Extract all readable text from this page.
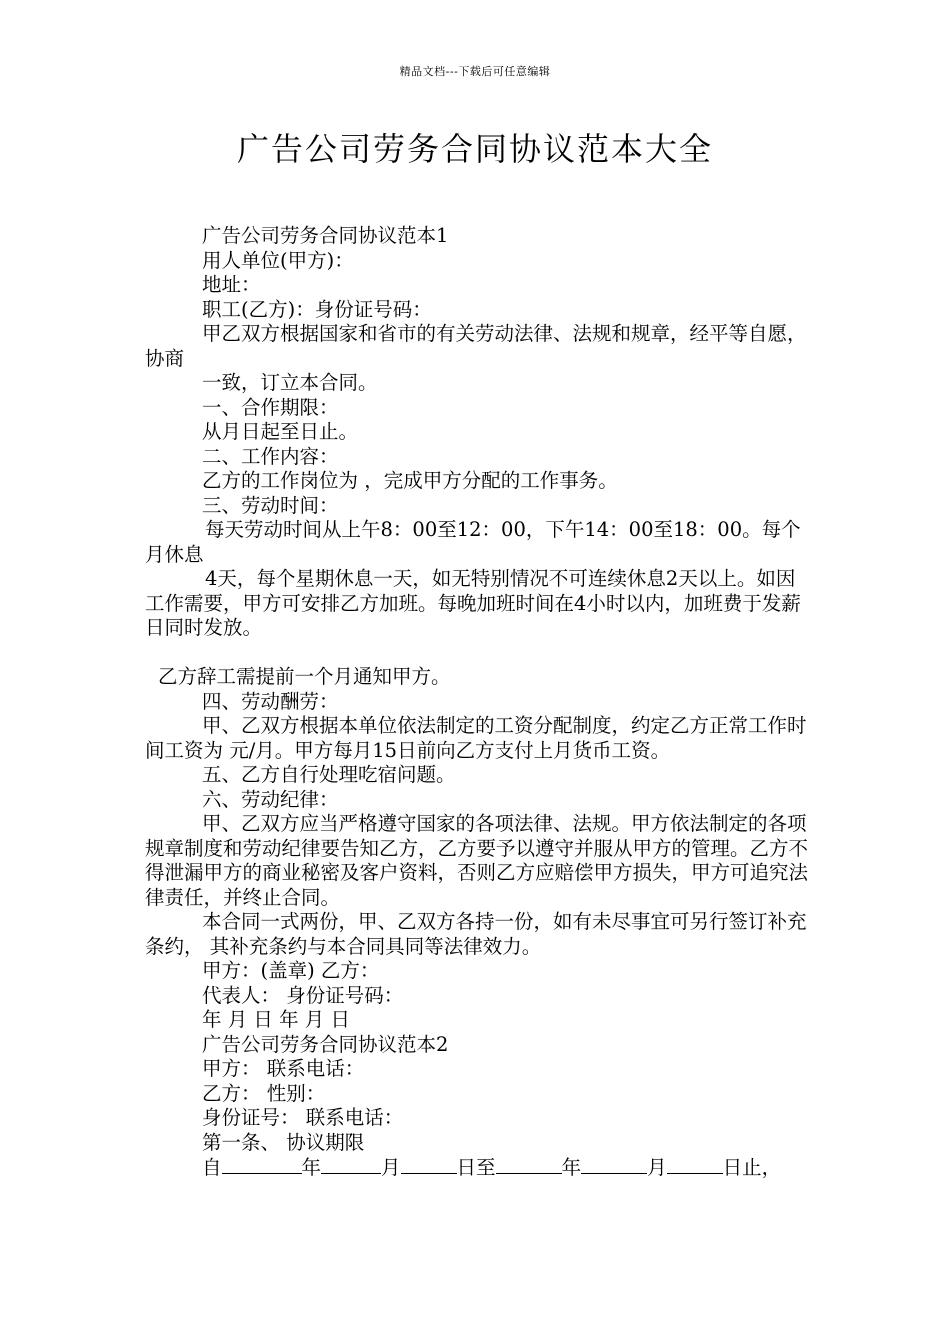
精品文档---下载后可任意编辑
广告公司劳务合同协议范本大全

广告公司劳务合同协议范本1

用人单位(甲方)：

地址：

职工(乙方)：身份证号码：

甲乙双方根据国家和省市的有关劳动法律、法规和规章，经平等自愿，协商

一致，订立本合同。

一、合作期限：

从月日起至日止。

二、工作内容：

乙方的工作岗位为 ，完成甲方分配的工作事务。

三、劳动时间：

每天劳动时间从上午8：00至12：00，下午14：00至18：00。每个月休息

4天，每个星期休息一天，如无特别情况不可连续休息2天以上。如因工作需要，甲方可安排乙方加班。每晚加班时间在4小时以内，加班费于发薪日同时发放。

乙方辞工需提前一个月通知甲方。

四、劳动酬劳：

甲、乙双方根据本单位依法制定的工资分配制度，约定乙方正常工作时间工资为 元/月。甲方每月15日前向乙方支付上月货币工资。

五、乙方自行处理吃宿问题。

六、劳动纪律：

甲、乙双方应当严格遵守国家的各项法律、法规。甲方依法制定的各项规章制度和劳动纪律要告知乙方，乙方要予以遵守并服从甲方的管理。乙方不得泄漏甲方的商业秘密及客户资料，否则乙方应赔偿甲方损失，甲方可追究法律责任，并终止合同。

本合同一式两份，甲、乙双方各持一份，如有未尽事宜可另行签订补充条约， 其补充条约与本合同具同等法律效力。

甲方：(盖章) 乙方：

代表人： 身份证号码：

年 月 日 年 月 日

广告公司劳务合同协议范本2

甲方： 联系电话：

乙方： 性别：

身份证号： 联系电话：

第一条、 协议期限

自	年	月	日至	年	月	日止，
